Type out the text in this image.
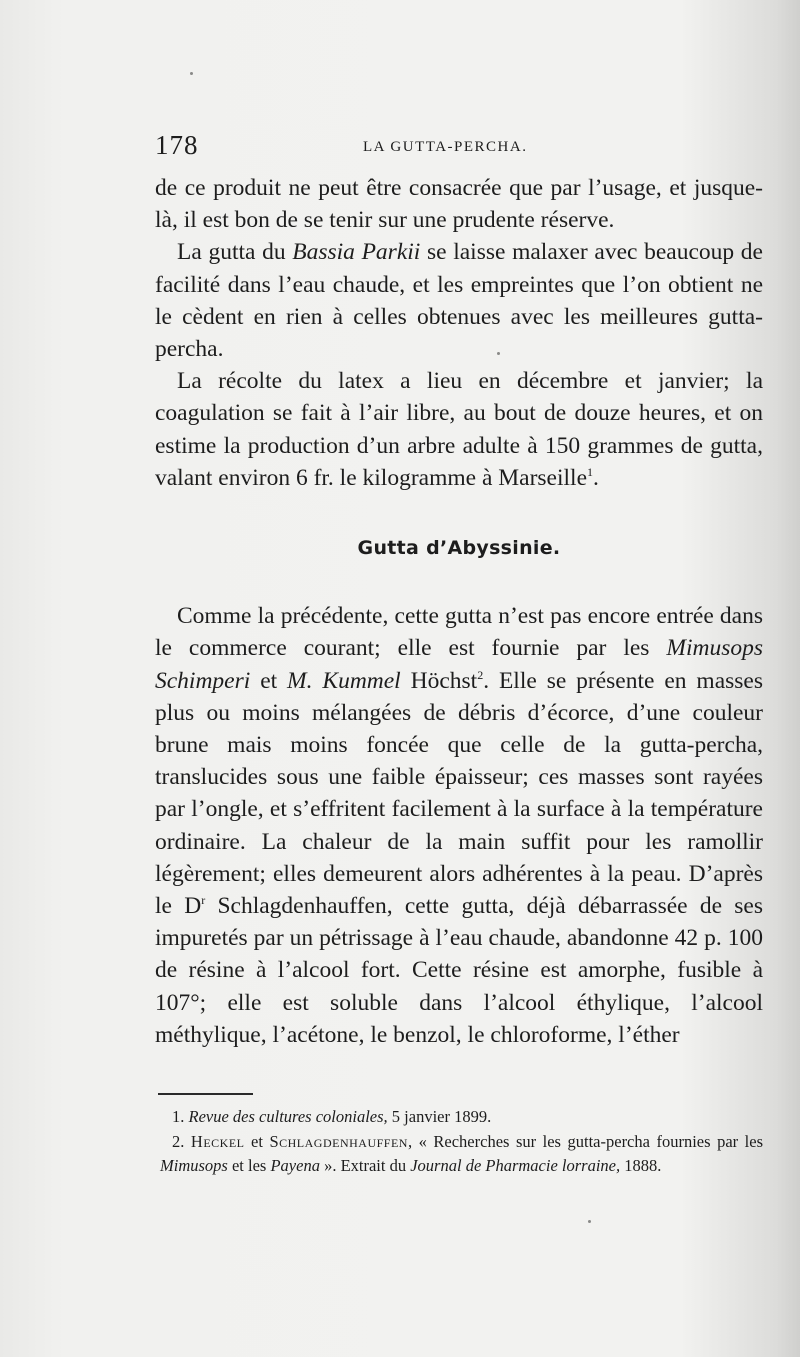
178	LA GUTTA-PERCHA.

de ce produit ne peut être consacrée que par l’usage, et jusque-là, il est bon de se tenir sur une prudente réserve.

La gutta du Bassia Parkii se laisse malaxer avec beaucoup de facilité dans l’eau chaude, et les empreintes que l’on obtient ne le cèdent en rien à celles obtenues avec les meilleures gutta-percha.

La récolte du latex a lieu en décembre et janvier; la coagulation se fait à l’air libre, au bout de douze heures, et on estime la production d’un arbre adulte à 150 grammes de gutta, valant environ 6 fr. le kilogramme à Marseille$^1$.

Gutta d’Abyssinie.

Comme la précédente, cette gutta n’est pas encore entrée dans le commerce courant; elle est fournie par les Mimusops Schimperi et M. Kummel Höchst$^2$. Elle se présente en masses plus ou moins mélangées de débris d’écorce, d’une couleur brune mais moins foncée que celle de la gutta-percha, translucides sous une faible épaisseur; ces masses sont rayées par l’ongle, et s’effritent facilement à la surface à la température ordinaire. La chaleur de la main suffit pour les ramollir légèrement; elles demeurent alors adhérentes à la peau. D’après le $D^r$ Schlagdenhauffen, cette gutta, déjà débarrassée de ses impuretés par un pétrissage à l’eau chaude, abandonne 42 p. 100 de résine à l’alcool fort. Cette résine est amorphe, fusible à 107°; elle est soluble dans l’alcool éthylique, l’alcool méthylique, l’acétone, le benzol, le chloroforme, l’éther

1. Revue des cultures coloniales, 5 janvier 1899.

2. Heckel et Schlagdenhauffen, « Recherches sur les gutta-percha fournies par les Mimusops et les Payena ». Extrait du Journal de Pharmacie lorraine, 1888.
